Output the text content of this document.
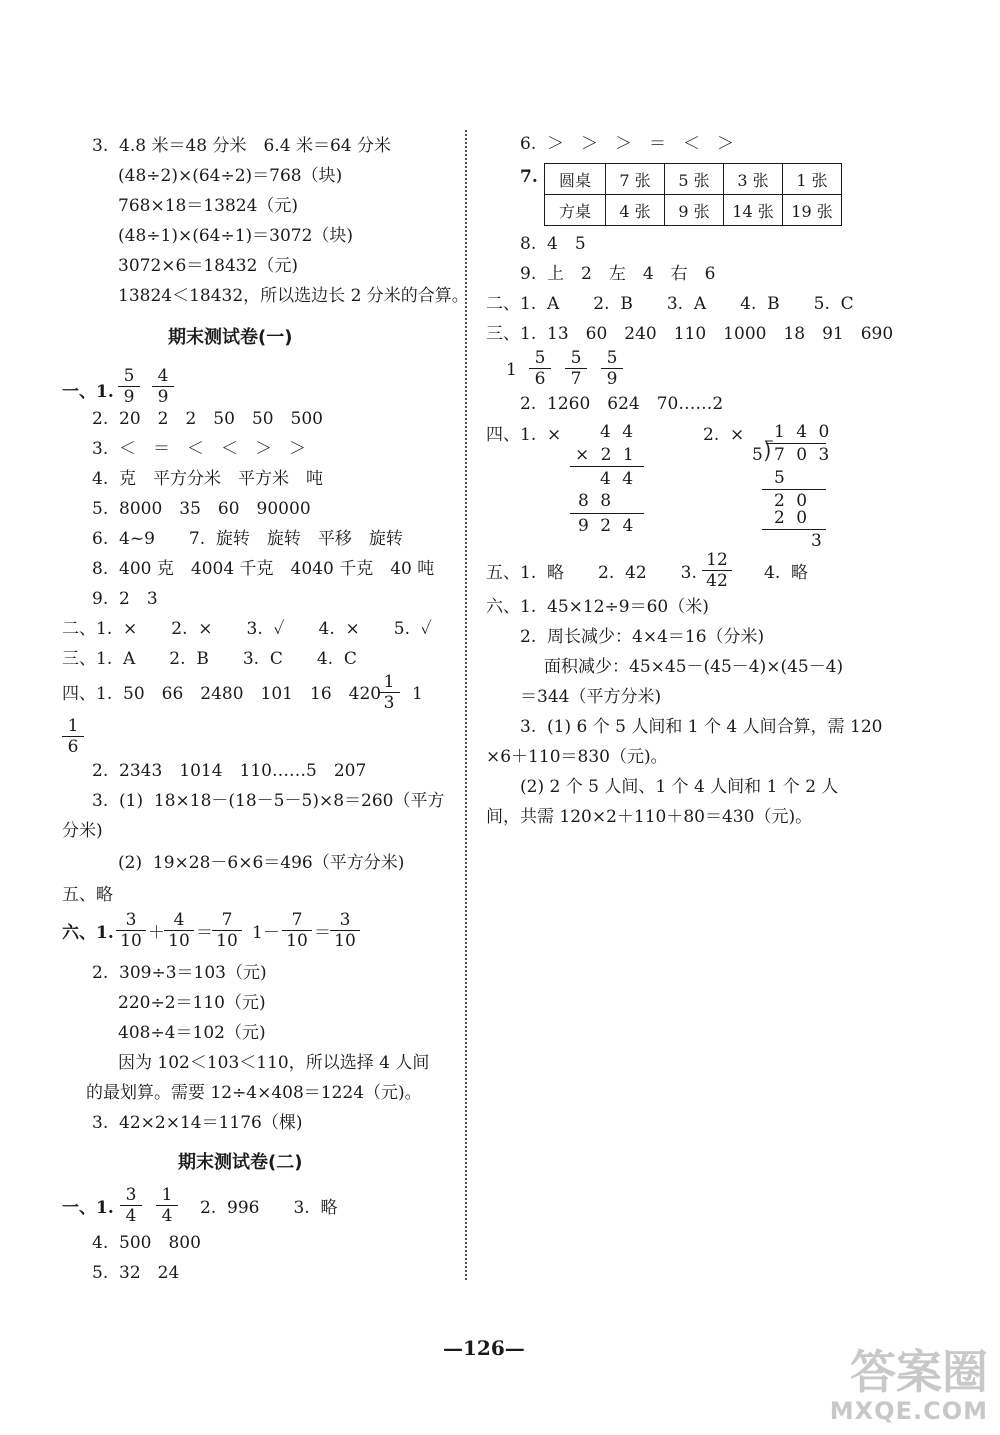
3.  4.8 米＝48 分米　6.4 米＝64 分米
(48÷2)×(64÷2)＝768（块)
768×18＝13824（元)
(48÷1)×(64÷1)＝3072（块)
3072×6＝18432（元)
13824＜18432，所以选边长 2 分米的合算。
期末测试卷(一)
一、1. $\frac{5}{9} \frac{4}{9}$
2.  20　2　2　50　50　500
3.  ＜　＝　＜　＜　＞　＞
4.  克　平方分米　平方米　吨
5.  8000　35　60　90000
6.  4~9　　7.  旋转　旋转　平移　旋转
8.  400 克　4004 千克　4040 千克　40 吨
9.  2　3
二、1.  ×　　2.  ×　　3.  ✓　　4.  ×　　5.  ✓
三、1.  A　　2.  B　　3.  C　　4.  C
四、1.  50　66　2480　101　16　420
$\frac{1}{3} 1$
$\frac{1}{6}$
2.  2343　1014　110……5　207
3.  (1)  18×18－(18－5－5)×8＝260（平方
分米)
(2)  19×28－6×6＝496（平方分米)
五、略
六、1. $\frac{3}{10} + \frac{4}{10} = \frac{7}{10} 1- \frac{7}{10} = \frac{3}{10}$
2.  309÷3＝103（元)
220÷2＝110（元)
408÷4＝102（元)
因为 102＜103＜110，所以选择 4 人间
的最划算。需要 12÷4×408＝1224（元)。
3.  42×2×14＝1176（棵)
期末测试卷(二)
一、1. $\frac{3}{4} \frac{1}{4} 2$.  996　　3.  略
4.  500　800
5.  32　24
6.  ＞　＞　＞　＝　＜　＞
7. 圆桌	7 张	5 张	3 张	1 张
方桌	4 张	9 张	14 张	19 张
8.  4　5
9.  上　2　左　4　右　6
二、1.  A　　2.  B　　3.  A　　4.  B　　5.  C
三、1.  13　60　240　110　1000　18　91　690
$1 \frac{5}{6} \frac{5}{7} \frac{5}{9}$
2.  1260　624　70……2
四、1.  × 4 4
× 2 1
4 4
8 8
9 2 4
2.  × 1 4 0
5
⟌ 7 0 3
5
2 0
2 0
3
五、1.  略　　2.  42　　3. $\frac{12}{42} 4$.  略
六、1.  45×12÷9＝60（米)
2.  周长减少：4×4＝16（分米)
面积减少：45×45－(45－4)×(45－4)
＝344（平方分米)
3.  (1) 6 个 5 人间和 1 个 4 人间合算，需 120
×6＋110＝830（元)。
(2) 2 个 5 人间、1 个 4 人间和 1 个 2 人
间，共需 120×2＋110＋80＝430（元)。
—126—	答案圈
MXQE.COM
